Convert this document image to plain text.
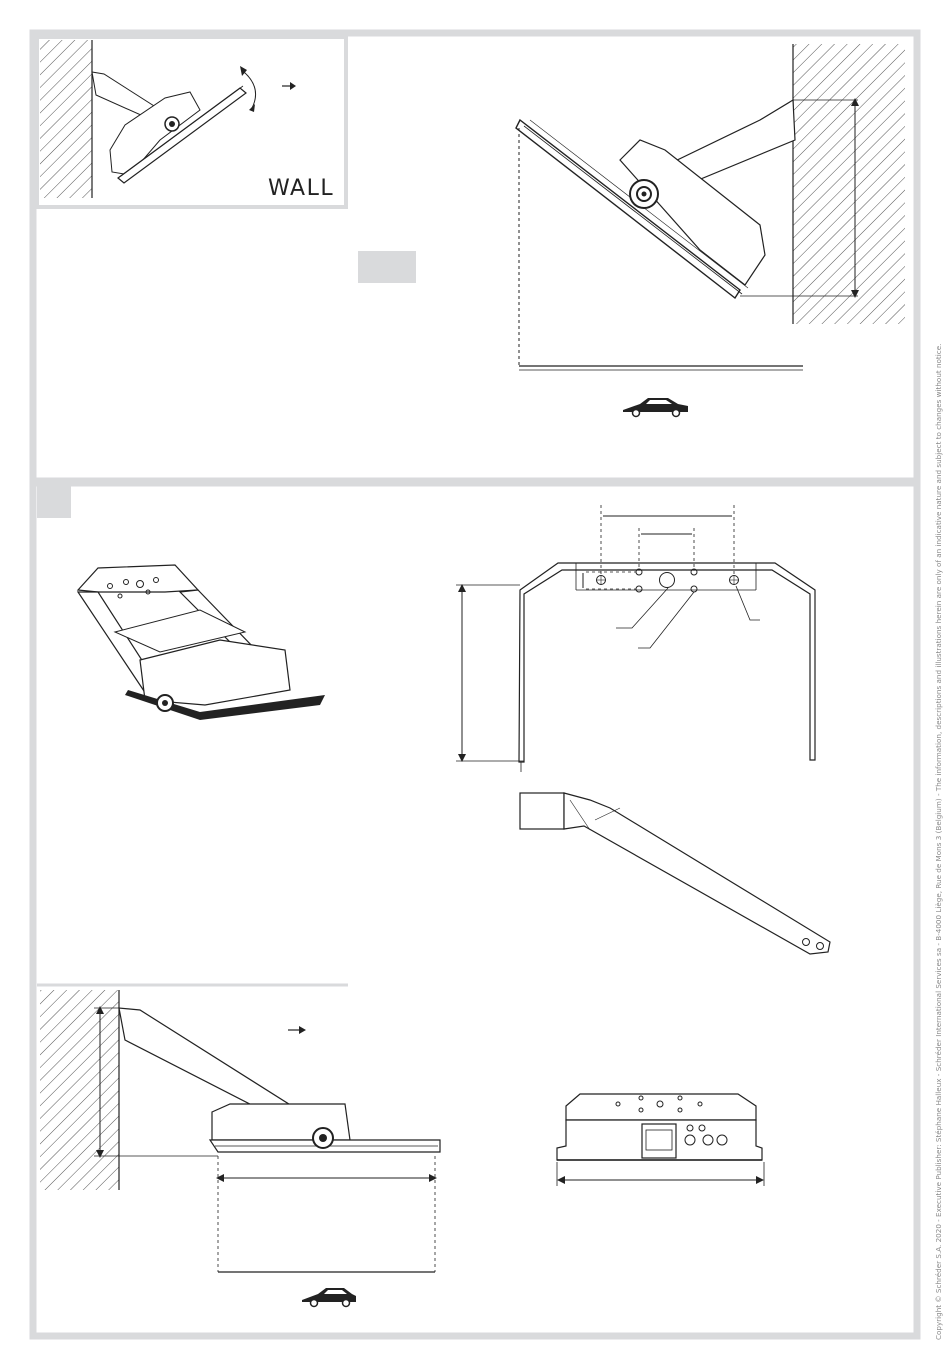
WALL
Copyright © Schréder S.A. 2020 - Executive Publisher: Stéphane Halleux - Schréder International Services sa - B-4000 Liège, Rue de Mons 3 (Belgium) - The information, descriptions and illustrations herein are only of an indicative nature and subject to changes without notice.
